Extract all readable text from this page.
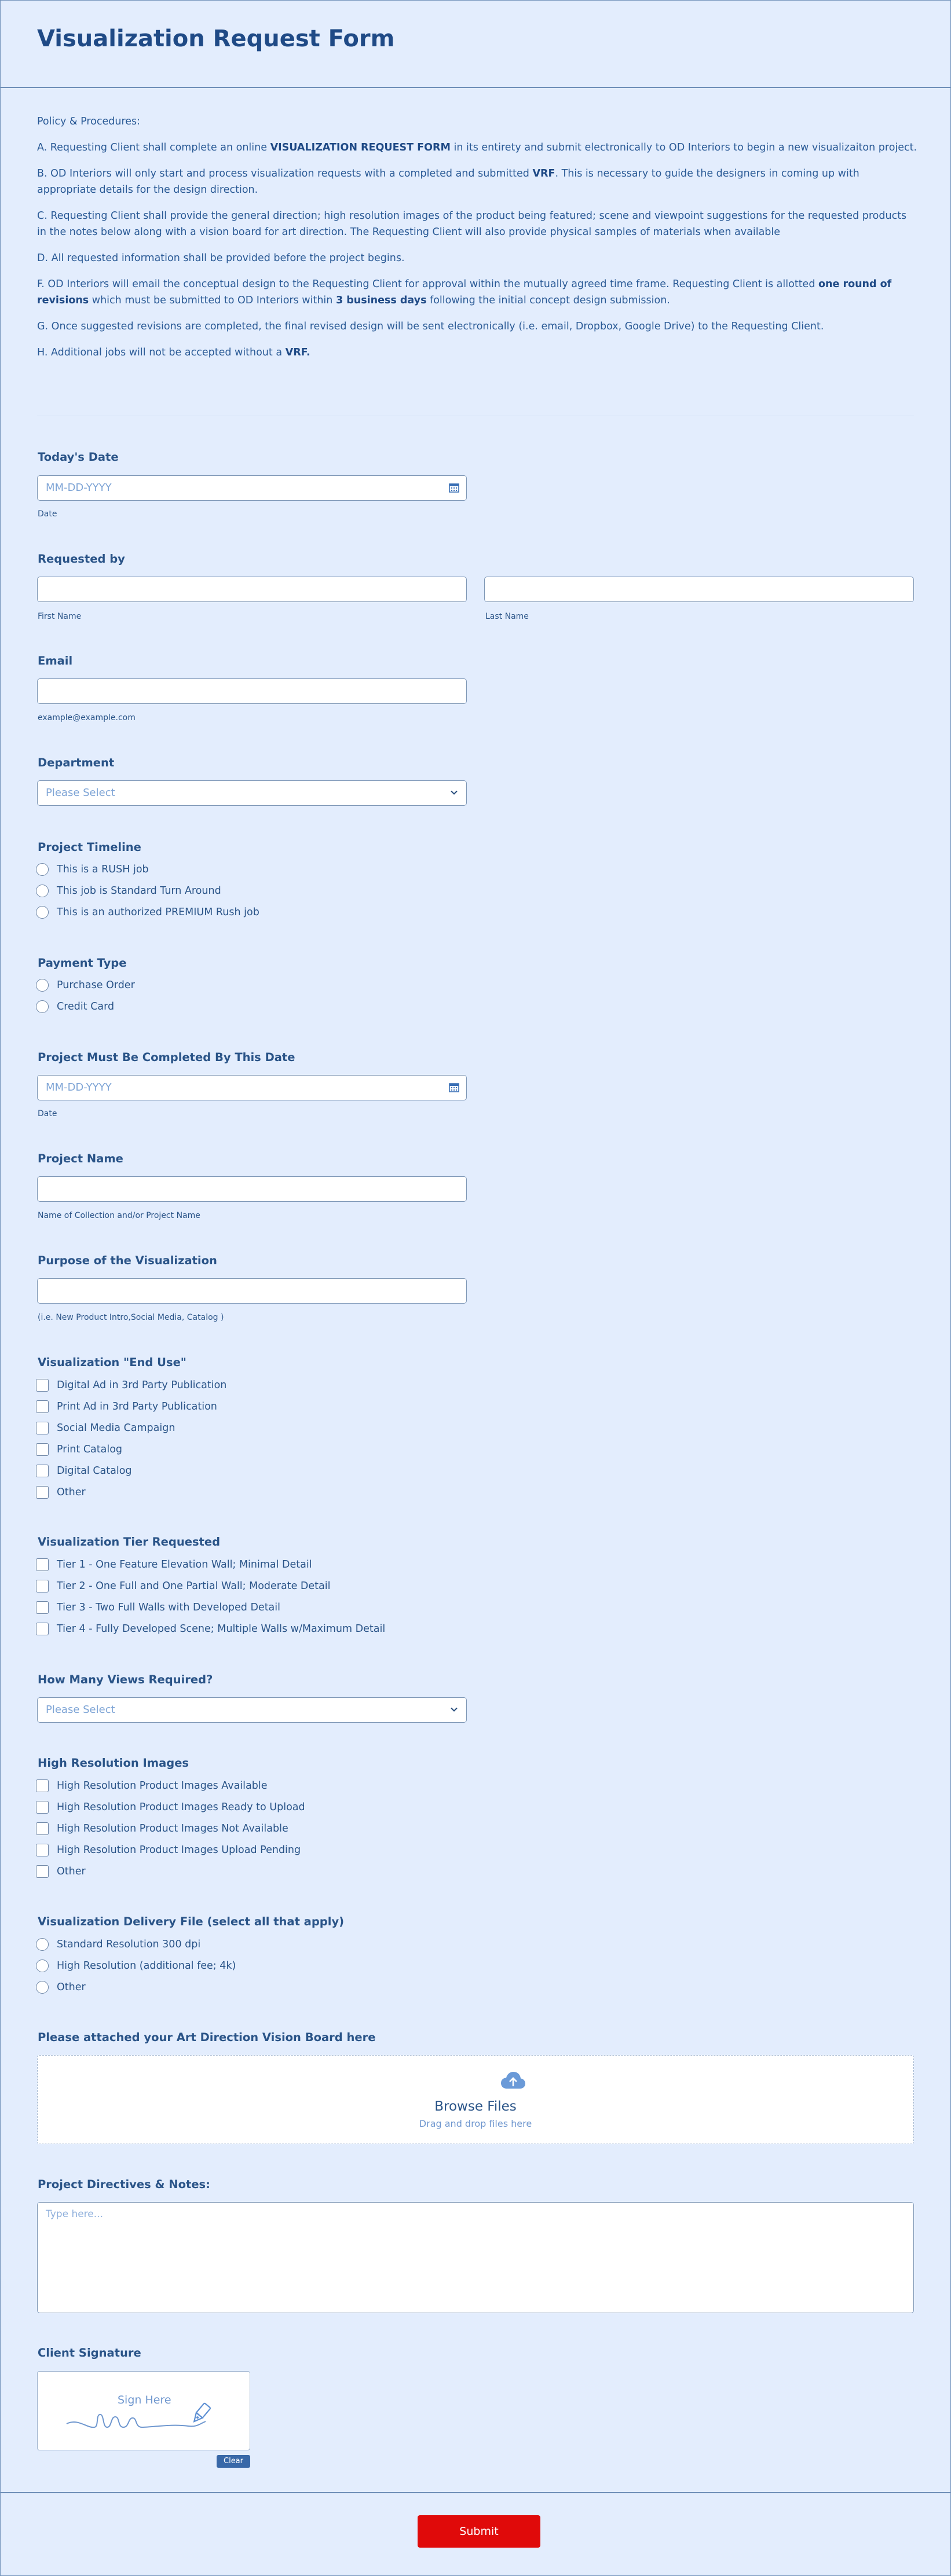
Visualization Request Form

Policy & Procedures:

A. Requesting Client shall complete an online VISUALIZATION REQUEST FORM in its entirety and submit electronically to OD Interiors to begin a new visualizaiton project.

B. OD Interiors will only start and process visualization requests with a completed and submitted VRF. This is necessary to guide the designers in coming up with appropriate details for the design direction.

C. Requesting Client shall provide the general direction; high resolution images of the product being featured; scene and viewpoint suggestions for the requested products in the notes below along with a vision board for art direction. The Requesting Client will also provide physical samples of materials when available

D. All requested information shall be provided before the project begins.

F. OD Interiors will email the conceptual design to the Requesting Client for approval within the mutually agreed time frame. Requesting Client is allotted one round of revisions which must be submitted to OD Interiors within 3 business days following the initial concept design submission.

G. Once suggested revisions are completed, the final revised design will be sent electronically (i.e. email, Dropbox, Google Drive) to the Requesting Client.

H. Additional jobs will not be accepted without a VRF.

Today's Date
MM-DD-YYYY
Date
Requested by
First Name	Last Name
Email
example@example.com
Department
Please Select
Project Timeline
This is a RUSH job
This job is Standard Turn Around
This is an authorized PREMIUM Rush job
Payment Type
Purchase Order
Credit Card
Project Must Be Completed By This Date
MM-DD-YYYY
Date
Project Name
Name of Collection and/or Project Name
Purpose of the Visualization
(i.e. New Product Intro,Social Media, Catalog )
Visualization "End Use"
Digital Ad in 3rd Party Publication
Print Ad in 3rd Party Publication
Social Media Campaign
Print Catalog
Digital Catalog
Other
Visualization Tier Requested
Tier 1 - One Feature Elevation Wall; Minimal Detail
Tier 2 - One Full and One Partial Wall; Moderate Detail
Tier 3 - Two Full Walls with Developed Detail
Tier 4 - Fully Developed Scene; Multiple Walls w/Maximum Detail
How Many Views Required?
Please Select
High Resolution Images
High Resolution Product Images Available
High Resolution Product Images Ready to Upload
High Resolution Product Images Not Available
High Resolution Product Images Upload Pending
Other
Visualization Delivery File (select all that apply)
Standard Resolution 300 dpi
High Resolution (additional fee; 4k)
Other
Please attached your Art Direction Vision Board here
Browse Files
Drag and drop files here
Project Directives & Notes:
Type here...
Client Signature
Sign Here
Clear
Submit
